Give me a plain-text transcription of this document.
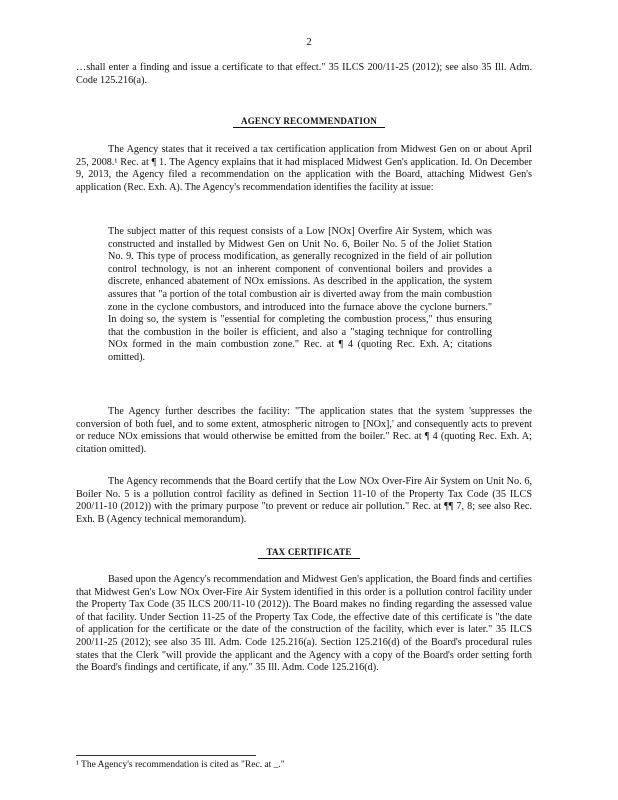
2

…shall enter a finding and issue a certificate to that effect." 35 ILCS 200/11-25 (2012); see also 35 Ill. Adm. Code 125.216(a).

AGENCY RECOMMENDATION

The Agency states that it received a tax certification application from Midwest Gen on or about April 25, 2008.¹ Rec. at ¶ 1. The Agency explains that it had misplaced Midwest Gen's application. Id. On December 9, 2013, the Agency filed a recommendation on the application with the Board, attaching Midwest Gen's application (Rec. Exh. A). The Agency's recommendation identifies the facility at issue:

The subject matter of this request consists of a Low [NOx] Overfire Air System, which was constructed and installed by Midwest Gen on Unit No. 6, Boiler No. 5 of the Joliet Station No. 9. This type of process modification, as generally recognized in the field of air pollution control technology, is not an inherent component of conventional boilers and provides a discrete, enhanced abatement of NOx emissions. As described in the application, the system assures that "a portion of the total combustion air is diverted away from the main combustion zone in the cyclone combustors, and introduced into the furnace above the cyclone burners." In doing so, the system is "essential for completing the combustion process," thus ensuring that the combustion in the boiler is efficient, and also a "staging technique for controlling NOx formed in the main combustion zone." Rec. at ¶ 4 (quoting Rec. Exh. A; citations omitted).

The Agency further describes the facility: "The application states that the system 'suppresses the conversion of both fuel, and to some extent, atmospheric nitrogen to [NOx],' and consequently acts to prevent or reduce NOx emissions that would otherwise be emitted from the boiler." Rec. at ¶ 4 (quoting Rec. Exh. A; citation omitted).

The Agency recommends that the Board certify that the Low NOx Over-Fire Air System on Unit No. 6, Boiler No. 5 is a pollution control facility as defined in Section 11-10 of the Property Tax Code (35 ILCS 200/11-10 (2012)) with the primary purpose "to prevent or reduce air pollution." Rec. at ¶¶ 7, 8; see also Rec. Exh. B (Agency technical memorandum).

TAX CERTIFICATE

Based upon the Agency's recommendation and Midwest Gen's application, the Board finds and certifies that Midwest Gen's Low NOx Over-Fire Air System identified in this order is a pollution control facility under the Property Tax Code (35 ILCS 200/11-10 (2012)). The Board makes no finding regarding the assessed value of that facility. Under Section 11-25 of the Property Tax Code, the effective date of this certificate is "the date of application for the certificate or the date of the construction of the facility, which ever is later." 35 ILCS 200/11-25 (2012); see also 35 Ill. Adm. Code 125.216(a). Section 125.216(d) of the Board's procedural rules states that the Clerk "will provide the applicant and the Agency with a copy of the Board's order setting forth the Board's findings and certificate, if any." 35 Ill. Adm. Code 125.216(d).

¹ The Agency's recommendation is cited as "Rec. at _."
